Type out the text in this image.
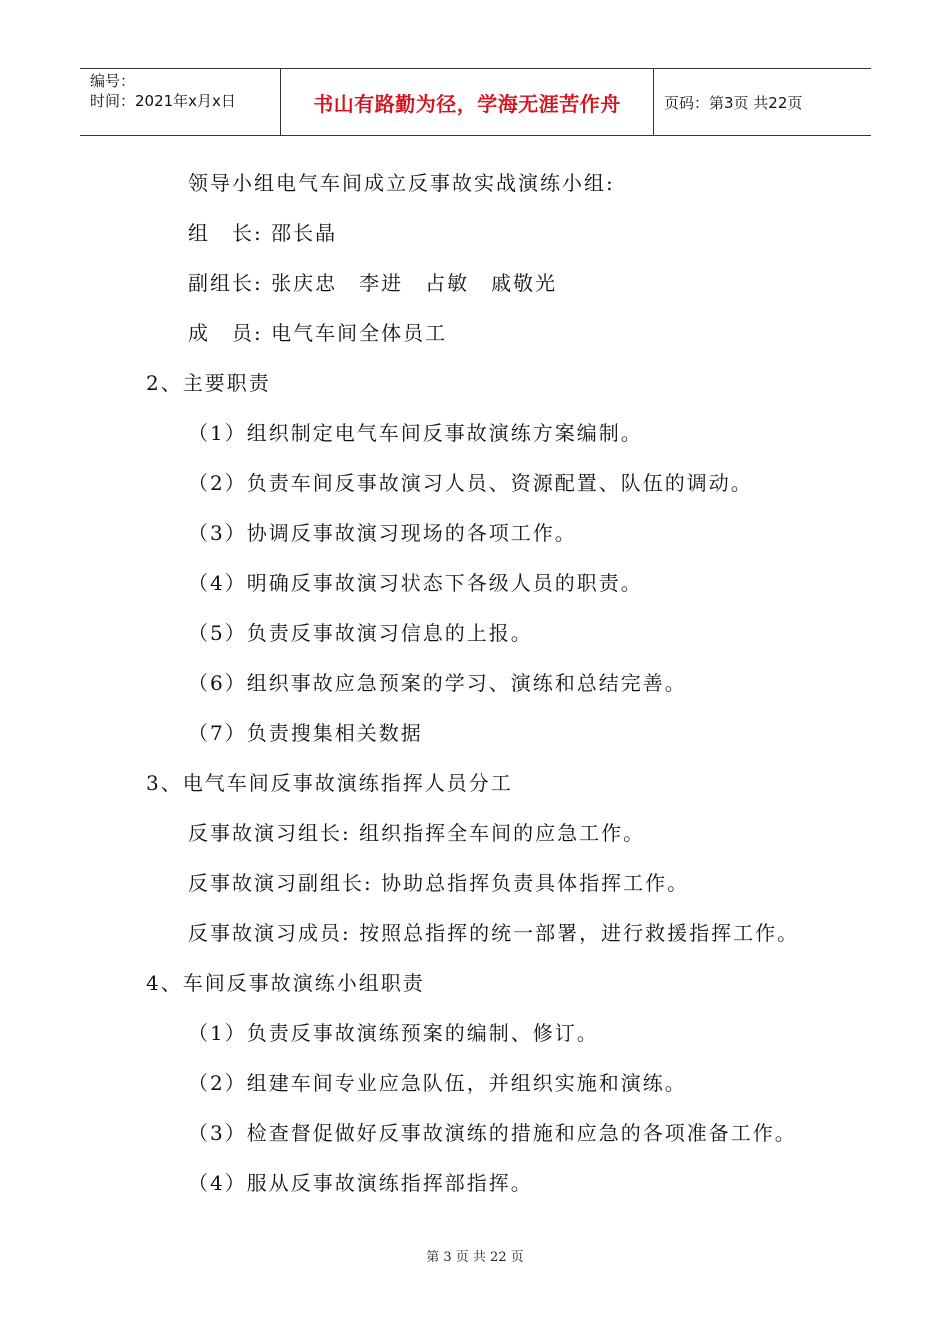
编号：
时间：2021年x月x日	书山有路勤为径，学海无涯苦作舟	页码：第3页 共22页
领导小组电气车间成立反事故实战演练小组:
组　长: 邵长晶
副组长: 张庆忠　李进　占敏　戚敬光
成　员: 电气车间全体员工
2、主要职责
（1）组织制定电气车间反事故演练方案编制。
（2）负责车间反事故演习人员、资源配置、队伍的调动。
（3）协调反事故演习现场的各项工作。
（4）明确反事故演习状态下各级人员的职责。
（5）负责反事故演习信息的上报。
（6）组织事故应急预案的学习、演练和总结完善。
（7）负责搜集相关数据
3、电气车间反事故演练指挥人员分工
反事故演习组长: 组织指挥全车间的应急工作。
反事故演习副组长: 协助总指挥负责具体指挥工作。
反事故演习成员: 按照总指挥的统一部署，进行救援指挥工作。
4、车间反事故演练小组职责
（1）负责反事故演练预案的编制、修订。
（2）组建车间专业应急队伍，并组织实施和演练。
（3）检查督促做好反事故演练的措施和应急的各项准备工作。
（4）服从反事故演练指挥部指挥。
第 3 页 共 22 页
